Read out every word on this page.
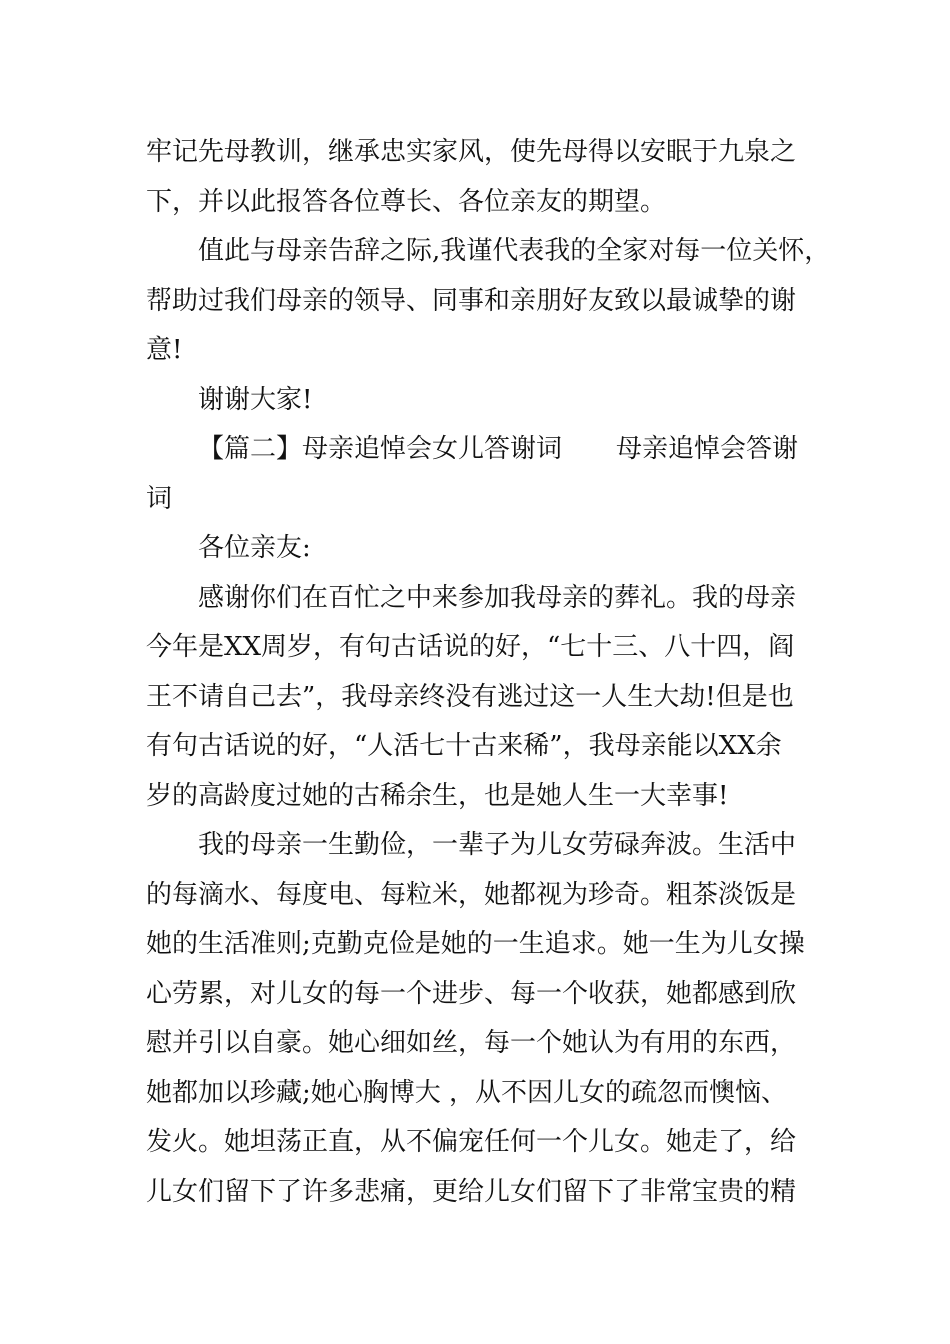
牢记先母教训，继承忠实家风，使先母得以安眠于九泉之
下，并以此报答各位尊长、各位亲友的期望。
值此与母亲告辞之际,我谨代表我的全家对每一位关怀，
帮助过我们母亲的领导、同事和亲朋好友致以最诚挚的谢
意!
谢谢大家!
【篇二】母亲追悼会女儿答谢词 母亲追悼会答谢
词
各位亲友:
感谢你们在百忙之中来参加我母亲的葬礼。我的母亲
今年是XX周岁，有句古话说的好，“七十三、八十四，阎
王不请自己去”，我母亲终没有逃过这一人生大劫!但是也
有句古话说的好，“人活七十古来稀”，我母亲能以XX余
岁的高龄度过她的古稀余生，也是她人生一大幸事!
我的母亲一生勤俭，一辈子为儿女劳碌奔波。生活中
的每滴水、每度电、每粒米，她都视为珍奇。粗茶淡饭是
她的生活准则;克勤克俭是她的一生追求。她一生为儿女操
心劳累，对儿女的每一个进步、每一个收获，她都感到欣
慰并引以自豪。她心细如丝，每一个她认为有用的东西，
她都加以珍藏;她心胸博大 ，从不因儿女的疏忽而懊恼、
发火。她坦荡正直，从不偏宠任何一个儿女。她走了，给
儿女们留下了许多悲痛，更给儿女们留下了非常宝贵的精
